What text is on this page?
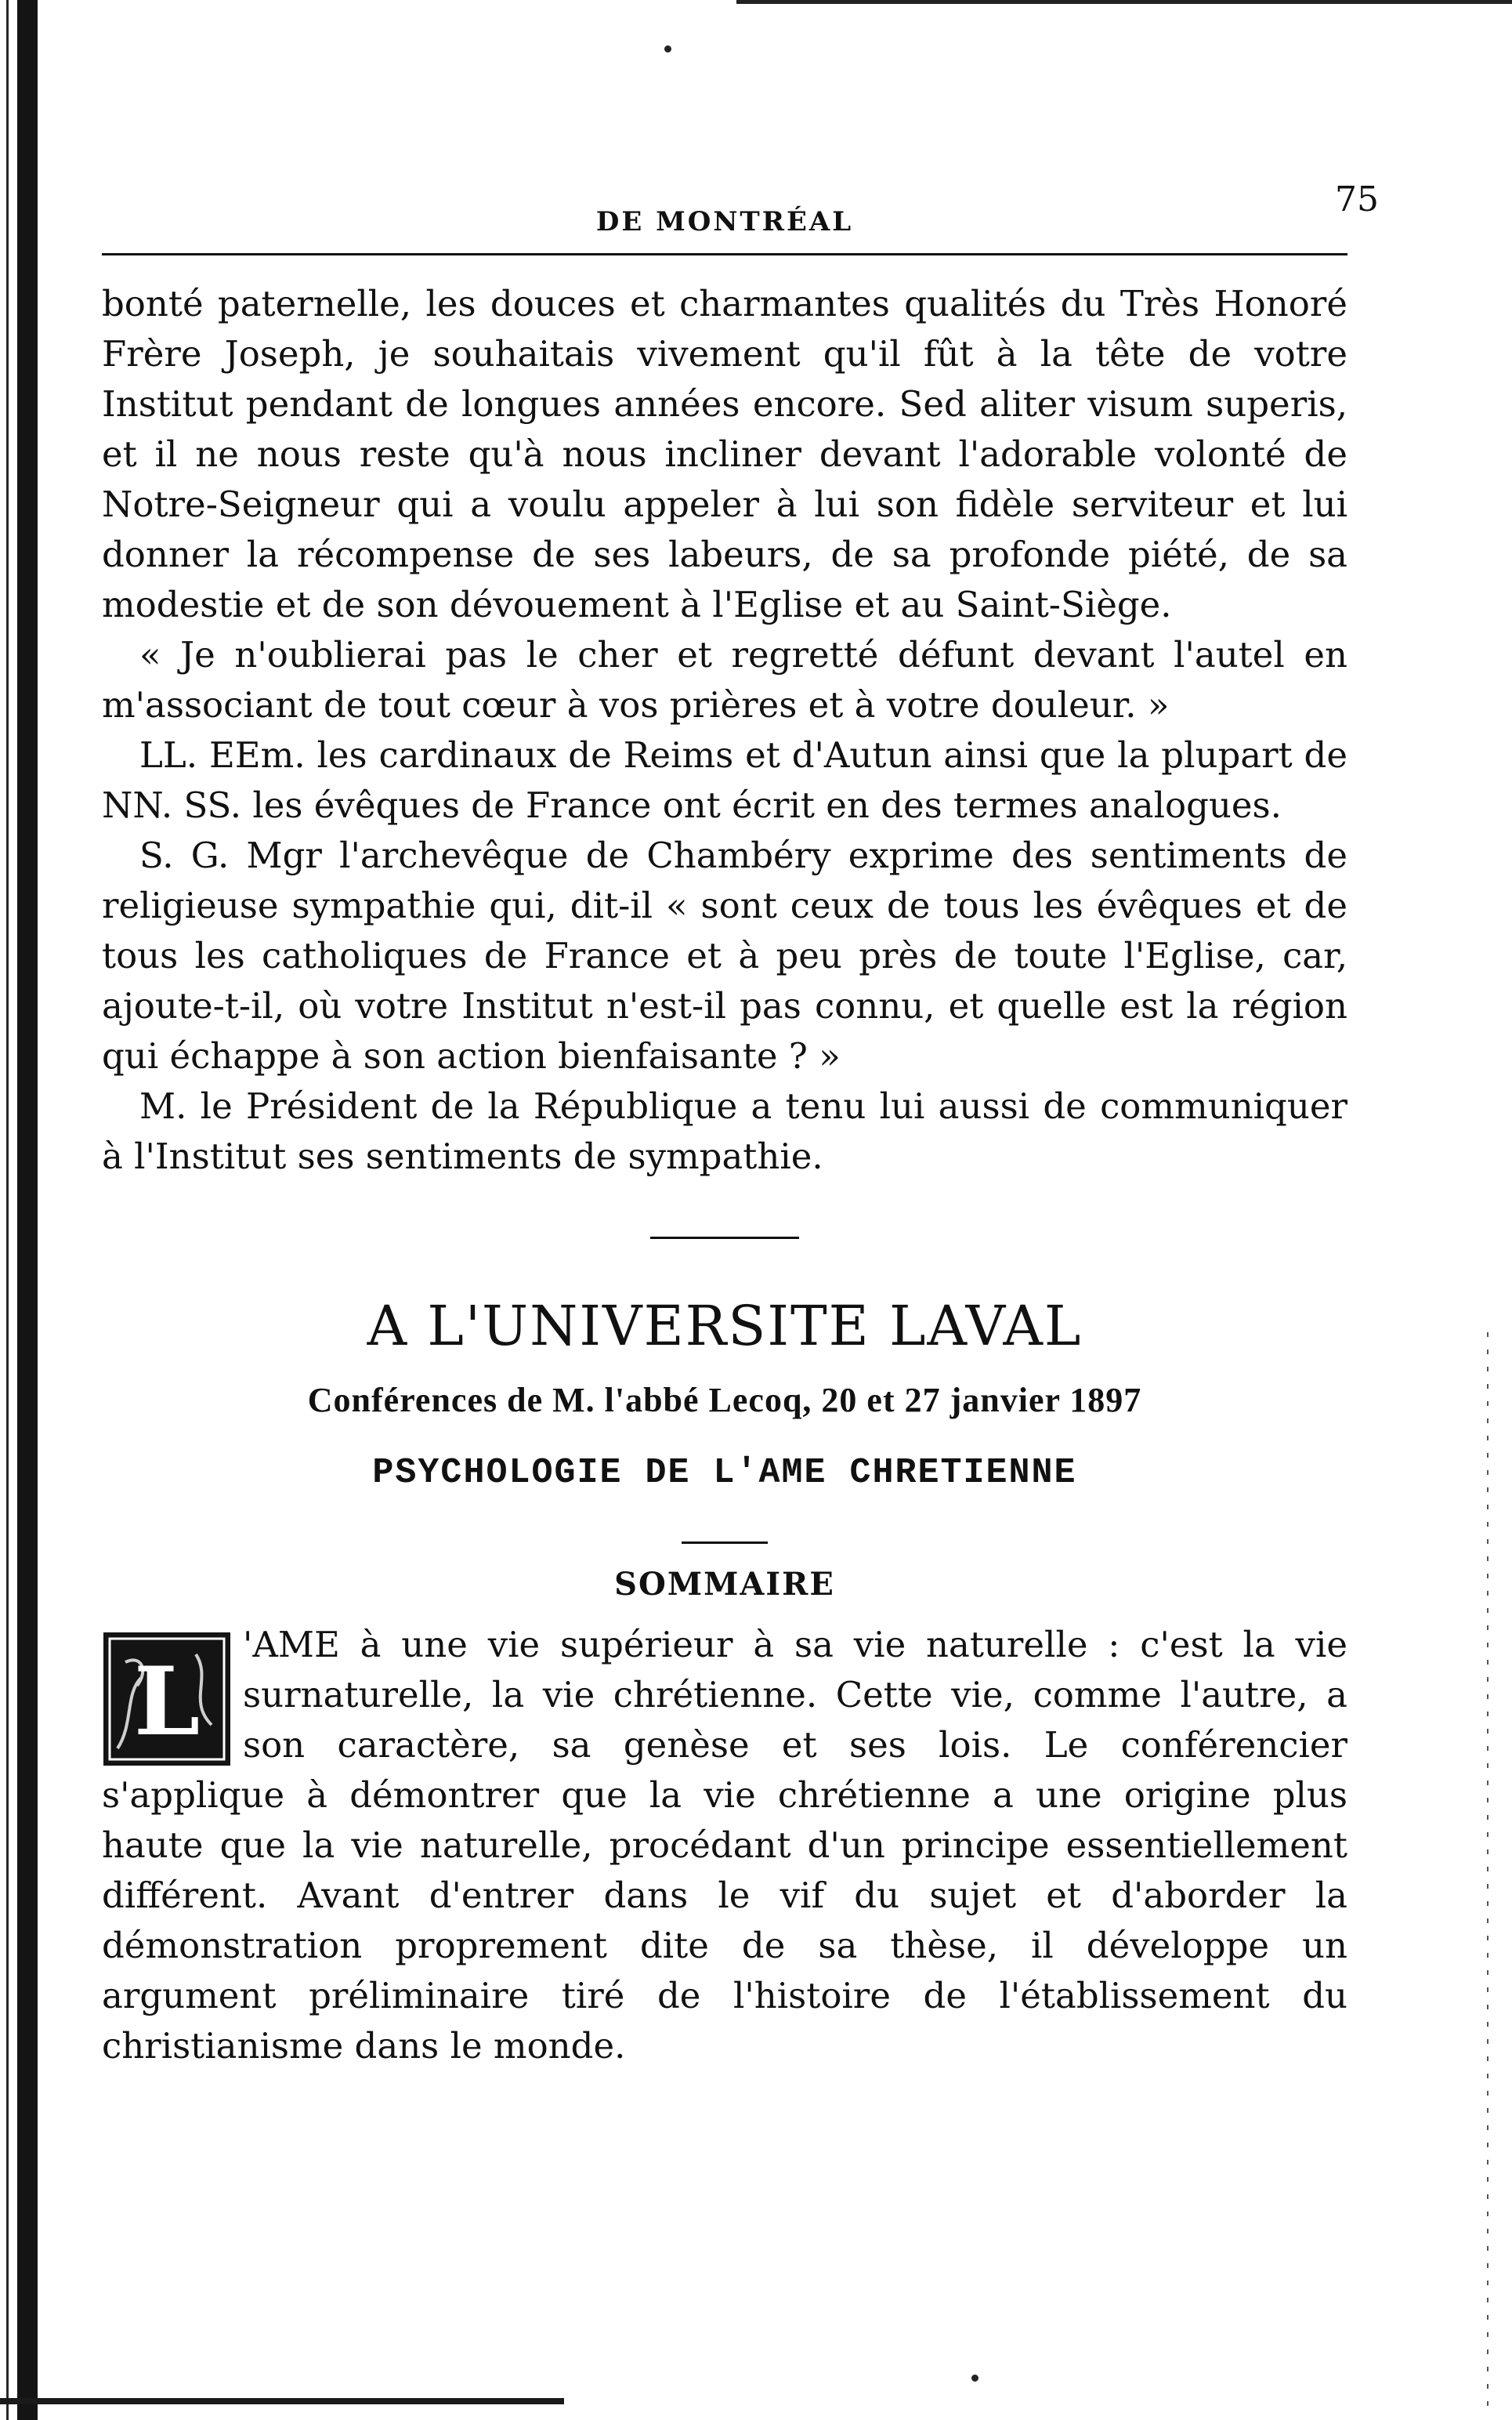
DE MONTRÉAL
75

bonté paternelle, les douces et charmantes qualités du Très Honoré Frère Joseph, je souhaitais vivement qu'il fût à la tête de votre Institut pendant de longues années encore. Sed aliter visum superis, et il ne nous reste qu'à nous incliner devant l'adorable volonté de Notre-Seigneur qui a voulu appeler à lui son fidèle serviteur et lui donner la récompense de ses labeurs, de sa profonde piété, de sa modestie et de son dévouement à l'Eglise et au Saint-Siège.

« Je n'oublierai pas le cher et regretté défunt devant l'autel en m'associant de tout cœur à vos prières et à votre douleur. »

LL. EEm. les cardinaux de Reims et d'Autun ainsi que la plupart de NN. SS. les évêques de France ont écrit en des termes analogues.

S. G. Mgr l'archevêque de Chambéry exprime des sentiments de religieuse sympathie qui, dit-il « sont ceux de tous les évêques et de tous les catholiques de France et à peu près de toute l'Eglise, car, ajoute-t-il, où votre Institut n'est-il pas connu, et quelle est la région qui échappe à son action bienfaisante ? »

M. le Président de la République a tenu lui aussi de communiquer à l'Institut ses sentiments de sympathie.

A L'UNIVERSITE LAVAL
Conférences de M. l'abbé Lecoq, 20 et 27 janvier 1897
PSYCHOLOGIE DE L'AME CHRETIENNE
SOMMAIRE
L
'AME à une vie supérieur à sa vie naturelle : c'est la vie surnaturelle, la vie chrétienne. Cette vie, comme l'autre, a son caractère, sa genèse et ses lois. Le conférencier s'applique à démontrer que la vie chrétienne a une origine plus haute que la vie naturelle, procédant d'un principe essentiellement différent. Avant d'entrer dans le vif du sujet et d'aborder la démonstration proprement dite de sa thèse, il développe un argument préliminaire tiré de l'histoire de l'établissement du christianisme dans le monde.
